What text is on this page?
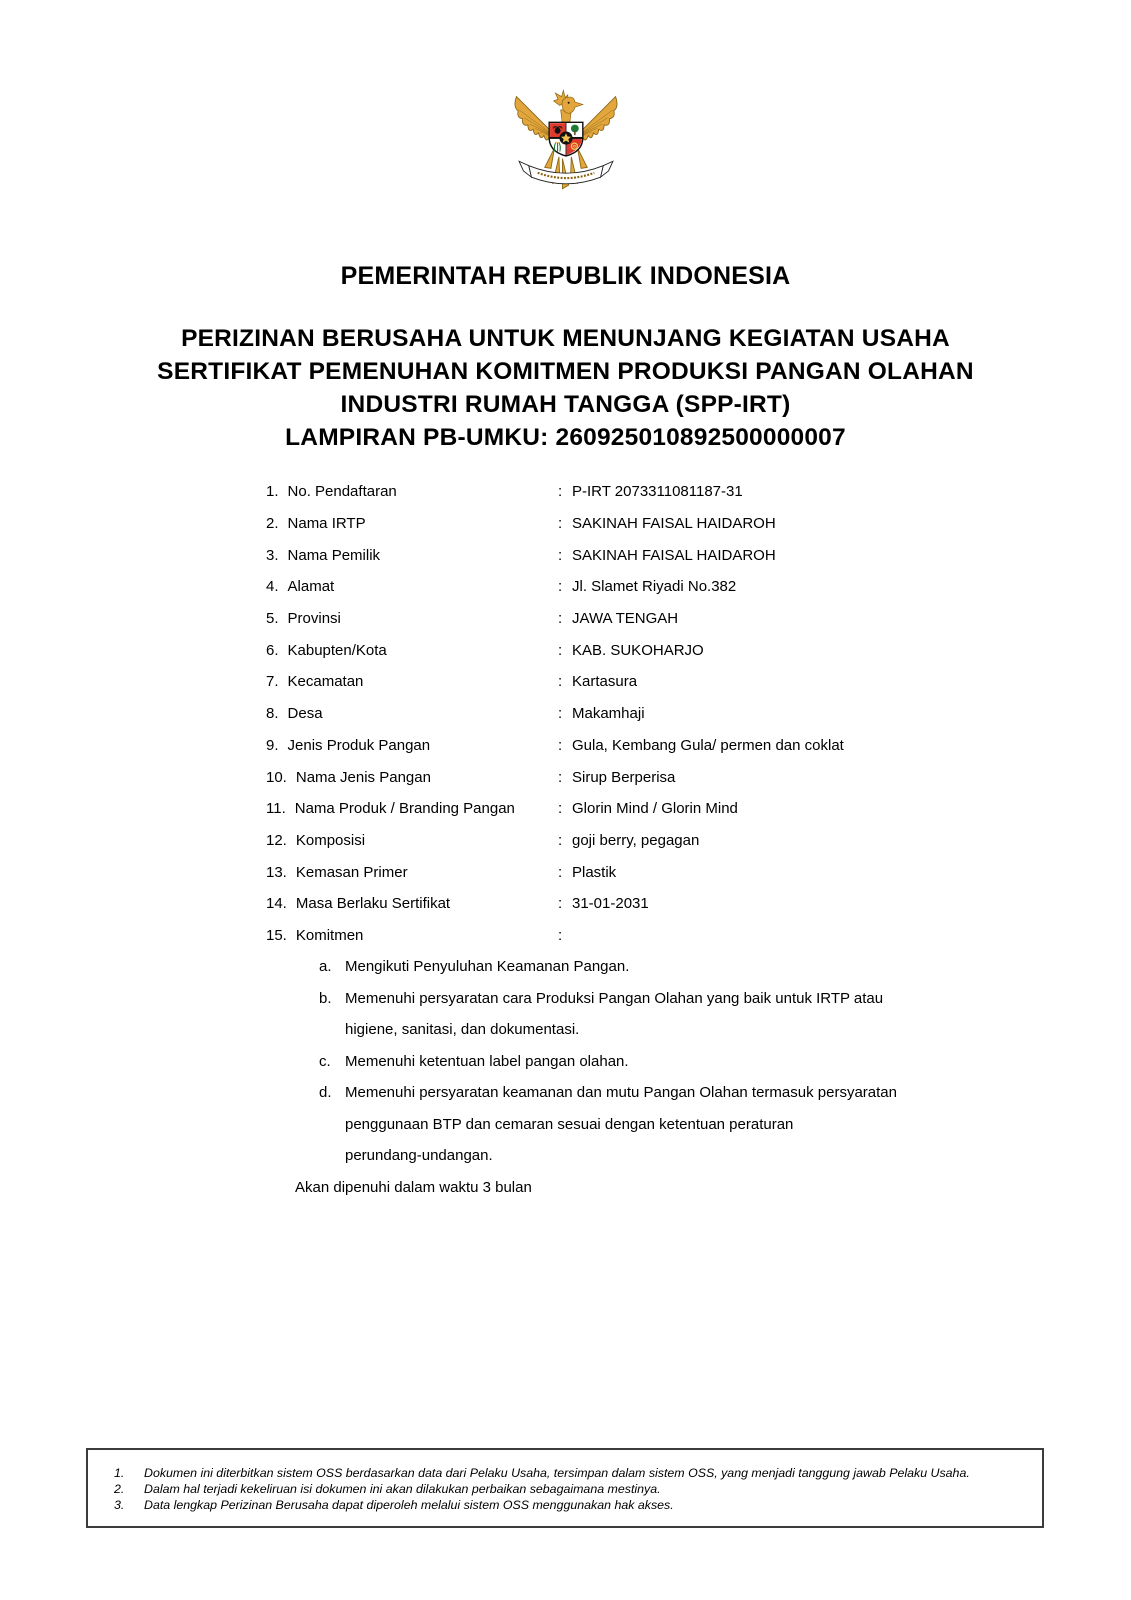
PEMERINTAH REPUBLIK INDONESIA
PERIZINAN BERUSAHA UNTUK MENUNJANG KEGIATAN USAHA
SERTIFIKAT PEMENUHAN KOMITMEN PRODUKSI PANGAN OLAHAN
INDUSTRI RUMAH TANGGA (SPP-IRT)
LAMPIRAN PB-UMKU: 260925010892500000007
1. No. Pendaftaran	: P-IRT 2073311081187-31
2. Nama IRTP	: SAKINAH FAISAL HAIDAROH
3. Nama Pemilik	: SAKINAH FAISAL HAIDAROH
4. Alamat	: Jl. Slamet Riyadi No.382
5. Provinsi	: JAWA TENGAH
6. Kabupten/Kota	: KAB. SUKOHARJO
7. Kecamatan	: Kartasura
8. Desa	: Makamhaji
9. Jenis Produk Pangan	: Gula, Kembang Gula/ permen dan coklat
10. Nama Jenis Pangan	: Sirup Berperisa
11. Nama Produk / Branding Pangan	: Glorin Mind / Glorin Mind
12. Komposisi	: goji berry, pegagan
13. Kemasan Primer	: Plastik
14. Masa Berlaku Sertifikat	: 31-01-2031
15. Komitmen	:
a. Mengikuti Penyuluhan Keamanan Pangan.
b. Memenuhi persyaratan cara Produksi Pangan Olahan yang baik untuk IRTP atau
higiene, sanitasi, dan dokumentasi.
c. Memenuhi ketentuan label pangan olahan.
d. Memenuhi persyaratan keamanan dan mutu Pangan Olahan termasuk persyaratan
penggunaan BTP dan cemaran sesuai dengan ketentuan peraturan
perundang-undangan.
Akan dipenuhi dalam waktu 3 bulan
1.	Dokumen ini diterbitkan sistem OSS berdasarkan data dari Pelaku Usaha, tersimpan dalam sistem OSS, yang menjadi tanggung jawab Pelaku Usaha.
2.	Dalam hal terjadi kekeliruan isi dokumen ini akan dilakukan perbaikan sebagaimana mestinya.
3.	Data lengkap Perizinan Berusaha dapat diperoleh melalui sistem OSS menggunakan hak akses.
